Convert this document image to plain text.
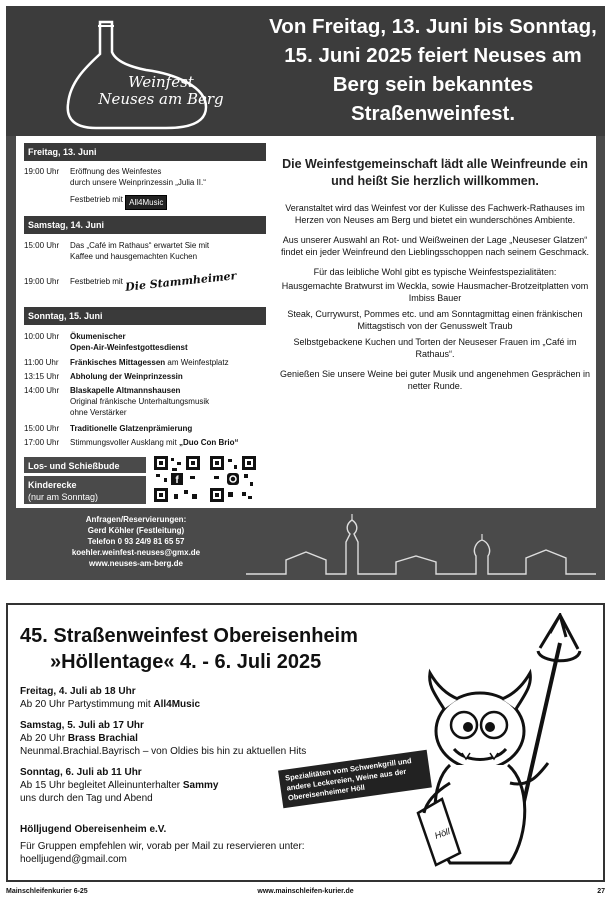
Weinfest
Neuses am Berg
Von Freitag, 13. Juni bis Sonntag, 15. Juni 2025 feiert Neuses am Berg sein bekanntes Straßenweinfest.
Freitag, 13. Juni
19:00 Uhr	Eröffnung des Weinfestes
durch unsere Weinprinzessin „Julia II.“
Festbetrieb mit All4Music
Samstag, 14. Juni
15:00 Uhr	Das „Café im Rathaus“ erwartet Sie mit
Kaffee und hausgemachten Kuchen
19:00 Uhr	Festbetrieb mit Die Stammheimer
Sonntag, 15. Juni
10:00 Uhr	Ökumenischer
Open-Air-Weinfestgottesdienst
11:00 Uhr	Fränkisches Mittagessen am Weinfestplatz
13:15 Uhr	Abholung der Weinprinzessin
14:00 Uhr	Blaskapelle Altmannshausen
Original fränkische Unterhaltungsmusik
ohne Verstärker
15:00 Uhr	Traditionelle Glatzenprämierung
17:00 Uhr	Stimmungsvoller Ausklang mit „Duo Con Brio“
Los- und Schießbude
Kinderecke
(nur am Sonntag)
f
Die Weinfestgemeinschaft lädt alle Weinfreunde ein und heißt Sie herzlich willkommen.

Veranstaltet wird das Weinfest vor der Kulisse des Fachwerk-Rathauses im Herzen von Neuses am Berg und bietet ein wunderschönes Ambiente.

Aus unserer Auswahl an Rot- und Weißweinen der Lage „Neuseser Glatzen“ findet ein jeder Weinfreund den Lieblingsschoppen nach seinem Geschmack.

Für das leibliche Wohl gibt es typische Weinfestspezialitäten:

Hausgemachte Bratwurst im Weckla, sowie Hausmacher-Brotzeitplatten vom Imbiss Bauer

Steak, Currywurst, Pommes etc. und am Sonntagmittag einen fränkischen Mittagstisch von der Genusswelt Traub

Selbstgebackene Kuchen und Torten der Neuseser Frauen im „Café im Rathaus“.

Genießen Sie unsere Weine bei guter Musik und angenehmen Gesprächen in netter Runde.

Anfragen/Reservierungen:
Gerd Köhler (Festleitung)
Telefon 0 93 24/9 81 65 57
koehler.weinfest-neuses@gmx.de
www.neuses-am-berg.de
45. Straßenweinfest Obereisenheim
»Höllentage« 4. - 6. Juli 2025
Freitag, 4. Juli ab 18 Uhr
Ab 20 Uhr Partystimmung mit All4Music
Samstag, 5. Juli ab 17 Uhr
Ab 20 Uhr Brass Brachial
Neunmal.Brachial.Bayrisch – von Oldies bis hin zu aktuellen Hits
Sonntag, 6. Juli ab 11 Uhr
Ab 15 Uhr begleitet Alleinunterhalter Sammy
uns durch den Tag und Abend
Hölljugend Obereisenheim e.V.
Für Gruppen empfehlen wir, vorab per Mail zu reservieren unter:
hoelljugend@gmail.com
Höll
Spezialitäten vom Schwenkgrill und andere Leckereien, Weine aus der Obereisenheimer Höll
Mainschleifenkurier 6-25	www.mainschleifen-kurier.de	27
